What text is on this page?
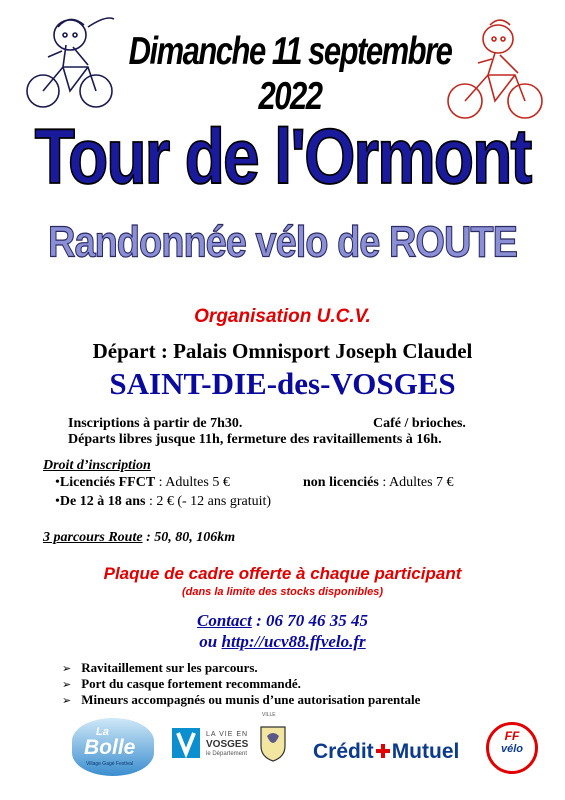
Dimanche 11 septembre 2022
Tour de l'Ormont
Randonnée vélo de ROUTE
Organisation U.C.V.
Départ : Palais Omnisport Joseph Claudel
SAINT-DIE-des-VOSGES
Inscriptions à partir de 7h30.	Café / brioches.
Départs libres jusque 11h, fermeture des ravitaillements à 16h.
Droit d’inscription
•Licenciés FFCT : Adultes 5 €	non licenciés : Adultes 7 €
•De 12 à 18 ans : 2 € (- 12 ans gratuit)
3 parcours Route : 50, 80, 106km
Plaque de cadre offerte à chaque participant
(dans la limite des stocks disponibles)
Contact : 06 70 46 35 45
ou http://ucv88.ffvelo.fr
➢ Ravitaillement sur les parcours.
➢ Port du casque fortement recommandé.
➢ Mineurs accompagnés ou munis d’une autorisation parentale
La
Bolle
Village Gagé Festival
LA VIE EN
VOSGES
le Département
VILLE
Crédit Mutuel
FF
vélo
